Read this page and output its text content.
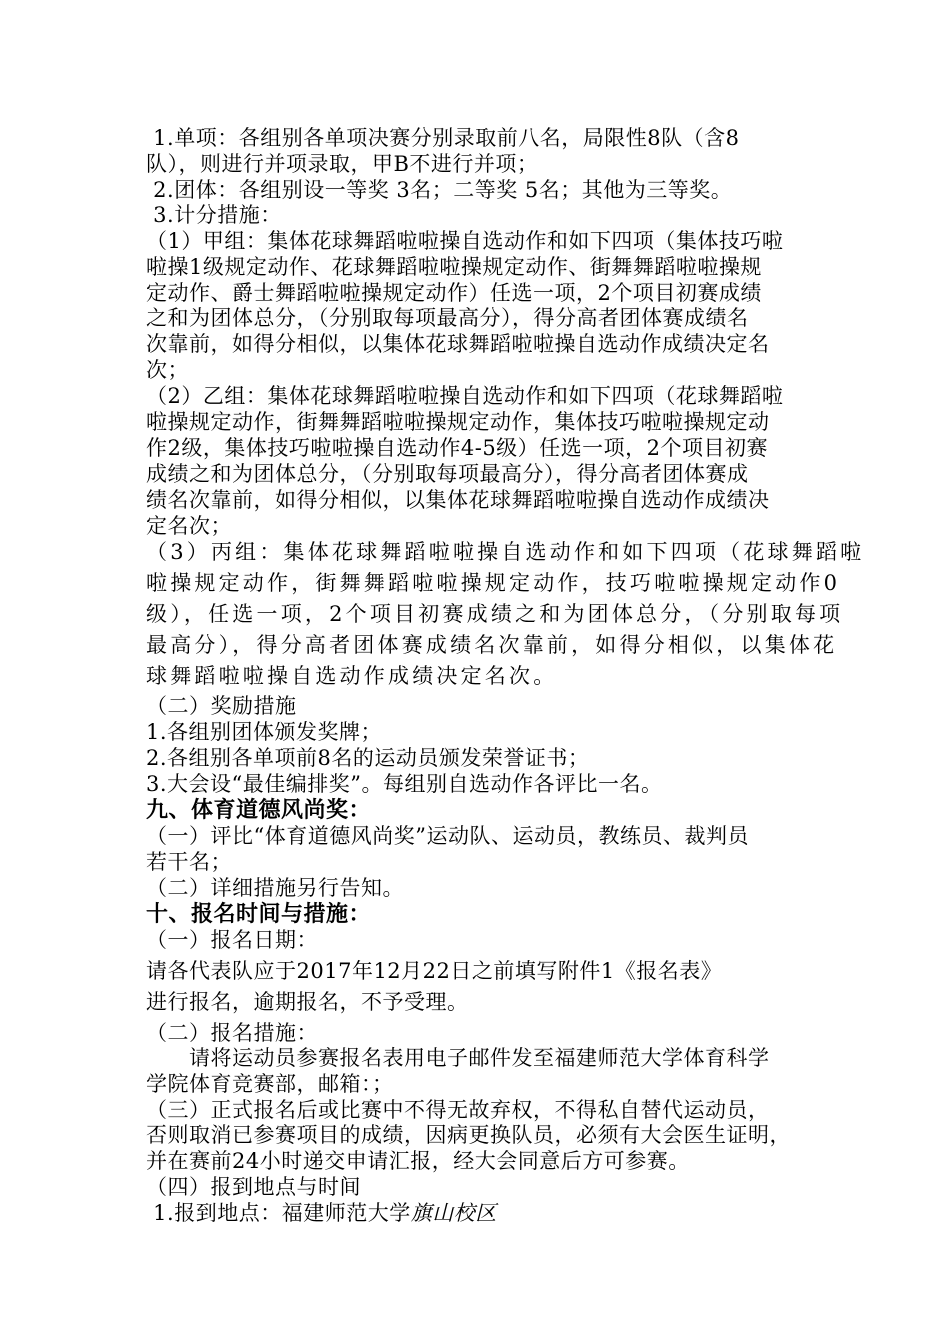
1.单项：各组别各单项决赛分别录取前八名，局限性8队（含8
队），则进行并项录取，甲B不进行并项；
2.团体：各组别设一等奖 3名；二等奖 5名；其他为三等奖。
3.计分措施：
（1）甲组：集体花球舞蹈啦啦操自选动作和如下四项（集体技巧啦
啦操1级规定动作、花球舞蹈啦啦操规定动作、街舞舞蹈啦啦操规
定动作、爵士舞蹈啦啦操规定动作）任选一项，2个项目初赛成绩
之和为团体总分，（分别取每项最高分），得分高者团体赛成绩名
次靠前，如得分相似，以集体花球舞蹈啦啦操自选动作成绩决定名
次；
（2）乙组：集体花球舞蹈啦啦操自选动作和如下四项（花球舞蹈啦
啦操规定动作，街舞舞蹈啦啦操规定动作，集体技巧啦啦操规定动
作2级，集体技巧啦啦操自选动作4-5级）任选一项，2个项目初赛
成绩之和为团体总分，（分别取每项最高分），得分高者团体赛成
绩名次靠前，如得分相似，以集体花球舞蹈啦啦操自选动作成绩决
定名次；
（3）丙组：集体花球舞蹈啦啦操自选动作和如下四项（花球舞蹈啦
啦操规定动作，街舞舞蹈啦啦操规定动作，技巧啦啦操规定动作0
级），任选一项，2个项目初赛成绩之和为团体总分，（分别取每项
最高分），得分高者团体赛成绩名次靠前，如得分相似，以集体花
球舞蹈啦啦操自选动作成绩决定名次。
（二）奖励措施
1.各组别团体颁发奖牌；
2.各组别各单项前8名的运动员颁发荣誉证书；
3.大会设“最佳编排奖”。每组别自选动作各评比一名。
九、体育道德风尚奖：
（一）评比“体育道德风尚奖”运动队、运动员，教练员、裁判员
若干名；
（二）详细措施另行告知。
十、报名时间与措施：
（一）报名日期：
请各代表队应于2017年12月22日之前填写附件1《报名表》
进行报名，逾期报名，不予受理。
（二）报名措施：
请将运动员参赛报名表用电子邮件发至福建师范大学体育科学
学院体育竞赛部，邮箱：；
（三）正式报名后或比赛中不得无故弃权，不得私自替代运动员，
否则取消已参赛项目的成绩，因病更换队员，必须有大会医生证明，
并在赛前24小时递交申请汇报，经大会同意后方可参赛。
（四）报到地点与时间
1.报到地点：福建师范大学旗山校区
